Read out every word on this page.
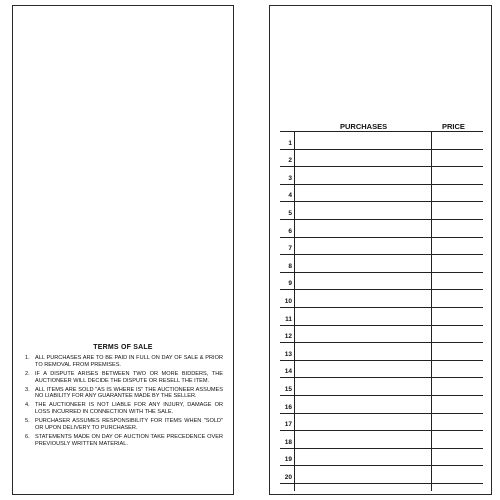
TERMS OF SALE
1. ALL PURCHASES ARE TO BE PAID IN FULL ON DAY OF SALE & PRIOR TO REMOVAL FROM PREMISES.
2. IF A DISPUTE ARISES BETWEEN TWO OR MORE BIDDERS, THE AUCTIONEER WILL DECIDE THE DISPUTE OR RESELL THE ITEM.
3. ALL ITEMS ARE SOLD "AS IS WHERE IS" THE AUCTIONEER ASSUMES NO LIABILITY FOR ANY GUARANTEE MADE BY THE SELLER.
4. THE AUCTIONEER IS NOT LIABLE FOR ANY INJURY, DAMAGE OR LOSS INCURRED IN CONNECTION WITH THE SALE.
5. PURCHASER ASSUMES RESPONSIBILITY FOR ITEMS WHEN "SOLD" OR UPON DELIVERY TO PURCHASER.
6. STATEMENTS MADE ON DAY OF AUCTION TAKE PRECEDENCE OVER PREVIOUSLY WRITTEN MATERIAL.
PURCHASES	PRICE
1
2
3
4
5
6
7
8
9
10
11
12
13
14
15
16
17
18
19
20
